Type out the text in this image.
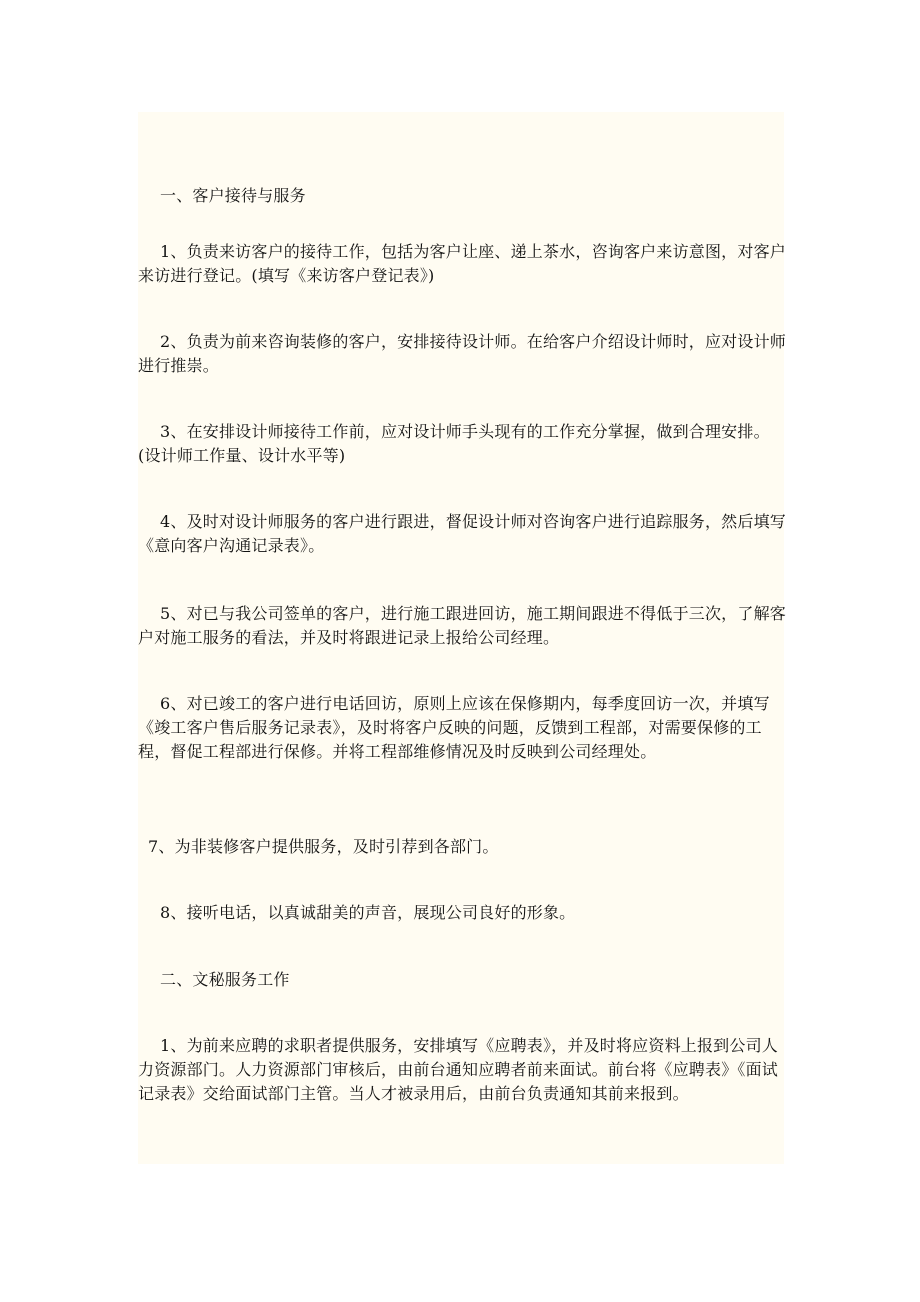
一、客户接待与服务

1、负责来访客户的接待工作，包括为客户让座、递上茶水，咨询客户来访意图，对客户来访进行登记。(填写《来访客户登记表》)

2、负责为前来咨询装修的客户，安排接待设计师。在给客户介绍设计师时，应对设计师进行推崇。

3、在安排设计师接待工作前，应对设计师手头现有的工作充分掌握，做到合理安排。(设计师工作量、设计水平等)

4、及时对设计师服务的客户进行跟进，督促设计师对咨询客户进行追踪服务，然后填写《意向客户沟通记录表》。

5、对已与我公司签单的客户，进行施工跟进回访，施工期间跟进不得低于三次，了解客户对施工服务的看法，并及时将跟进记录上报给公司经理。

6、对已竣工的客户进行电话回访，原则上应该在保修期内，每季度回访一次，并填写《竣工客户售后服务记录表》，及时将客户反映的问题，反馈到工程部，对需要保修的工程，督促工程部进行保修。并将工程部维修情况及时反映到公司经理处。

7、为非装修客户提供服务，及时引荐到各部门。

8、接听电话，以真诚甜美的声音，展现公司良好的形象。

二、文秘服务工作

1、为前来应聘的求职者提供服务，安排填写《应聘表》，并及时将应资料上报到公司人力资源部门。人力资源部门审核后，由前台通知应聘者前来面试。前台将《应聘表》《面试记录表》交给面试部门主管。当人才被录用后，由前台负责通知其前来报到。
